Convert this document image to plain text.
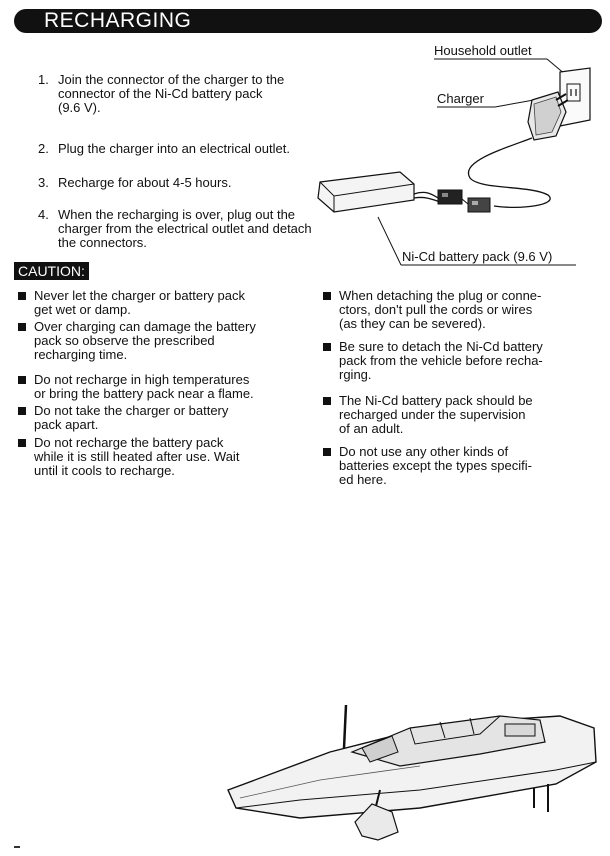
RECHARGING
1. Join the connector of the charger to the
connector of the Ni-Cd battery pack
(9.6 V).
2. Plug the charger into an electrical outlet.
3. Recharge for about 4-5 hours.
4. When the recharging is over, plug out the
charger from the electrical outlet and detach
the connectors.
Household outlet
Charger
Ni-Cd battery pack (9.6 V)
CAUTION:
Never let the charger or battery pack
get wet or damp.
Over charging can damage the battery
pack so observe the prescribed
recharging time.
Do not recharge in high temperatures
or bring the battery pack near a flame.
Do not take the charger or battery
pack apart.
Do not recharge the battery pack
while it is still heated after use. Wait
until it cools to recharge.
When detaching the plug or conne-
ctors, don't pull the cords or wires
(as they can be severed).
Be sure to detach the Ni-Cd battery
pack from the vehicle before recha-
rging.
The Ni-Cd battery pack should be
recharged under the supervision
of an adult.
Do not use any other kinds of
batteries except the types specifi-
ed here.
